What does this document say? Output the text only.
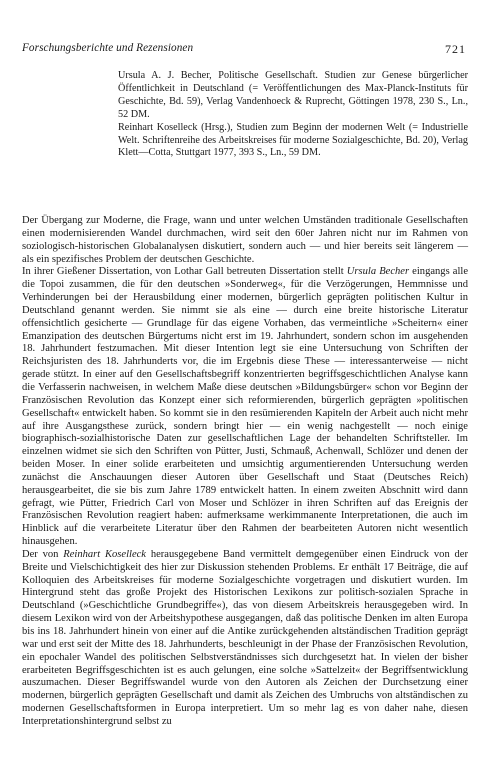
Forschungsberichte und Rezensionen	721

Ursula A. J. Becher, Politische Gesellschaft. Studien zur Genese bürgerlicher Öffentlichkeit in Deutschland (= Veröffentlichungen des Max-Planck-Instituts für Geschichte, Bd. 59), Verlag Vandenhoeck & Ruprecht, Göttingen 1978, 230 S., Ln., 52 DM.

Reinhart Koselleck (Hrsg.), Studien zum Beginn der modernen Welt (= Industrielle Welt. Schriftenreihe des Arbeitskreises für moderne Sozialgeschichte, Bd. 20), Verlag Klett—Cotta, Stuttgart 1977, 393 S., Ln., 59 DM.

Der Übergang zur Moderne, die Frage, wann und unter welchen Umständen traditionale Gesellschaften einen modernisierenden Wandel durchmachen, wird seit den 60er Jahren nicht nur im Rahmen von soziologisch-historischen Globalanalysen diskutiert, sondern auch — und hier bereits seit längerem — als ein spezifisches Problem der deutschen Geschichte.

In ihrer Gießener Dissertation, von Lothar Gall betreuten Dissertation stellt Ursula Becher eingangs alle die Topoi zusammen, die für den deutschen »Sonderweg«, für die Verzögerungen, Hemmnisse und Verhinderungen bei der Herausbildung einer modernen, bürgerlich geprägten politischen Kultur in Deutschland genannt werden. Sie nimmt sie als eine — durch eine breite historische Literatur offensichtlich gesicherte — Grundlage für das eigene Vorhaben, das vermeintliche »Scheitern« einer Emanzipation des deutschen Bürgertums nicht erst im 19. Jahrhundert, sondern schon im ausgehenden 18. Jahrhundert festzumachen. Mit dieser Intention legt sie eine Untersuchung von Schriften der Reichsjuristen des 18. Jahrhunderts vor, die im Ergebnis diese These — interessanterweise — nicht gerade stützt. In einer auf den Gesellschaftsbegriff konzentrierten begriffsgeschichtlichen Analyse kann die Verfasserin nachweisen, in welchem Maße diese deutschen »Bildungsbürger« schon vor Beginn der Französischen Revolution das Konzept einer sich reformierenden, bürgerlich geprägten »politischen Gesellschaft« entwickelt haben. So kommt sie in den resümierenden Kapiteln der Arbeit auch nicht mehr auf ihre Ausgangsthese zurück, sondern bringt hier — ein wenig nachgestellt — noch einige biographisch-sozialhistorische Daten zur gesellschaftlichen Lage der behandelten Schriftsteller. Im einzelnen widmet sie sich den Schriften von Pütter, Justi, Schmauß, Achenwall, Schlözer und denen der beiden Moser. In einer solide erarbeiteten und umsichtig argumentierenden Untersuchung werden zunächst die Anschauungen dieser Autoren über Gesellschaft und Staat (Deutsches Reich) herausgearbeitet, die sie bis zum Jahre 1789 entwickelt hatten. In einem zweiten Abschnitt wird dann gefragt, wie Pütter, Friedrich Carl von Moser und Schlözer in ihren Schriften auf das Ereignis der Französischen Revolution reagiert haben: aufmerksame werkimmanente Interpretationen, die auch im Hinblick auf die verarbeitete Literatur über den Rahmen der bearbeiteten Autoren nicht wesentlich hinausgehen.

Der von Reinhart Koselleck herausgegebene Band vermittelt demgegenüber einen Eindruck von der Breite und Vielschichtigkeit des hier zur Diskussion stehenden Problems. Er enthält 17 Beiträge, die auf Kolloquien des Arbeitskreises für moderne Sozialgeschichte vorgetragen und diskutiert wurden. Im Hintergrund steht das große Projekt des Historischen Lexikons zur politisch-sozialen Sprache in Deutschland (»Geschichtliche Grundbegriffe«), das von diesem Arbeitskreis herausgegeben wird. In diesem Lexikon wird von der Arbeitshypothese ausgegangen, daß das politische Denken im alten Europa bis ins 18. Jahrhundert hinein von einer auf die Antike zurückgehenden altständischen Tradition geprägt war und erst seit der Mitte des 18. Jahrhunderts, beschleunigt in der Phase der Französischen Revolution, ein epochaler Wandel des politischen Selbstverständnisses sich durchgesetzt hat. In vielen der bisher erarbeiteten Begriffsgeschichten ist es auch gelungen, eine solche »Sattelzeit« der Begriffsentwicklung auszumachen. Dieser Begriffswandel wurde von den Autoren als Zeichen der Durchsetzung einer modernen, bürgerlich geprägten Gesellschaft und damit als Zeichen des Umbruchs von altständischen zu modernen Gesellschaftsformen in Europa interpretiert. Um so mehr lag es von daher nahe, diesen Interpretationshintergrund selbst zu
